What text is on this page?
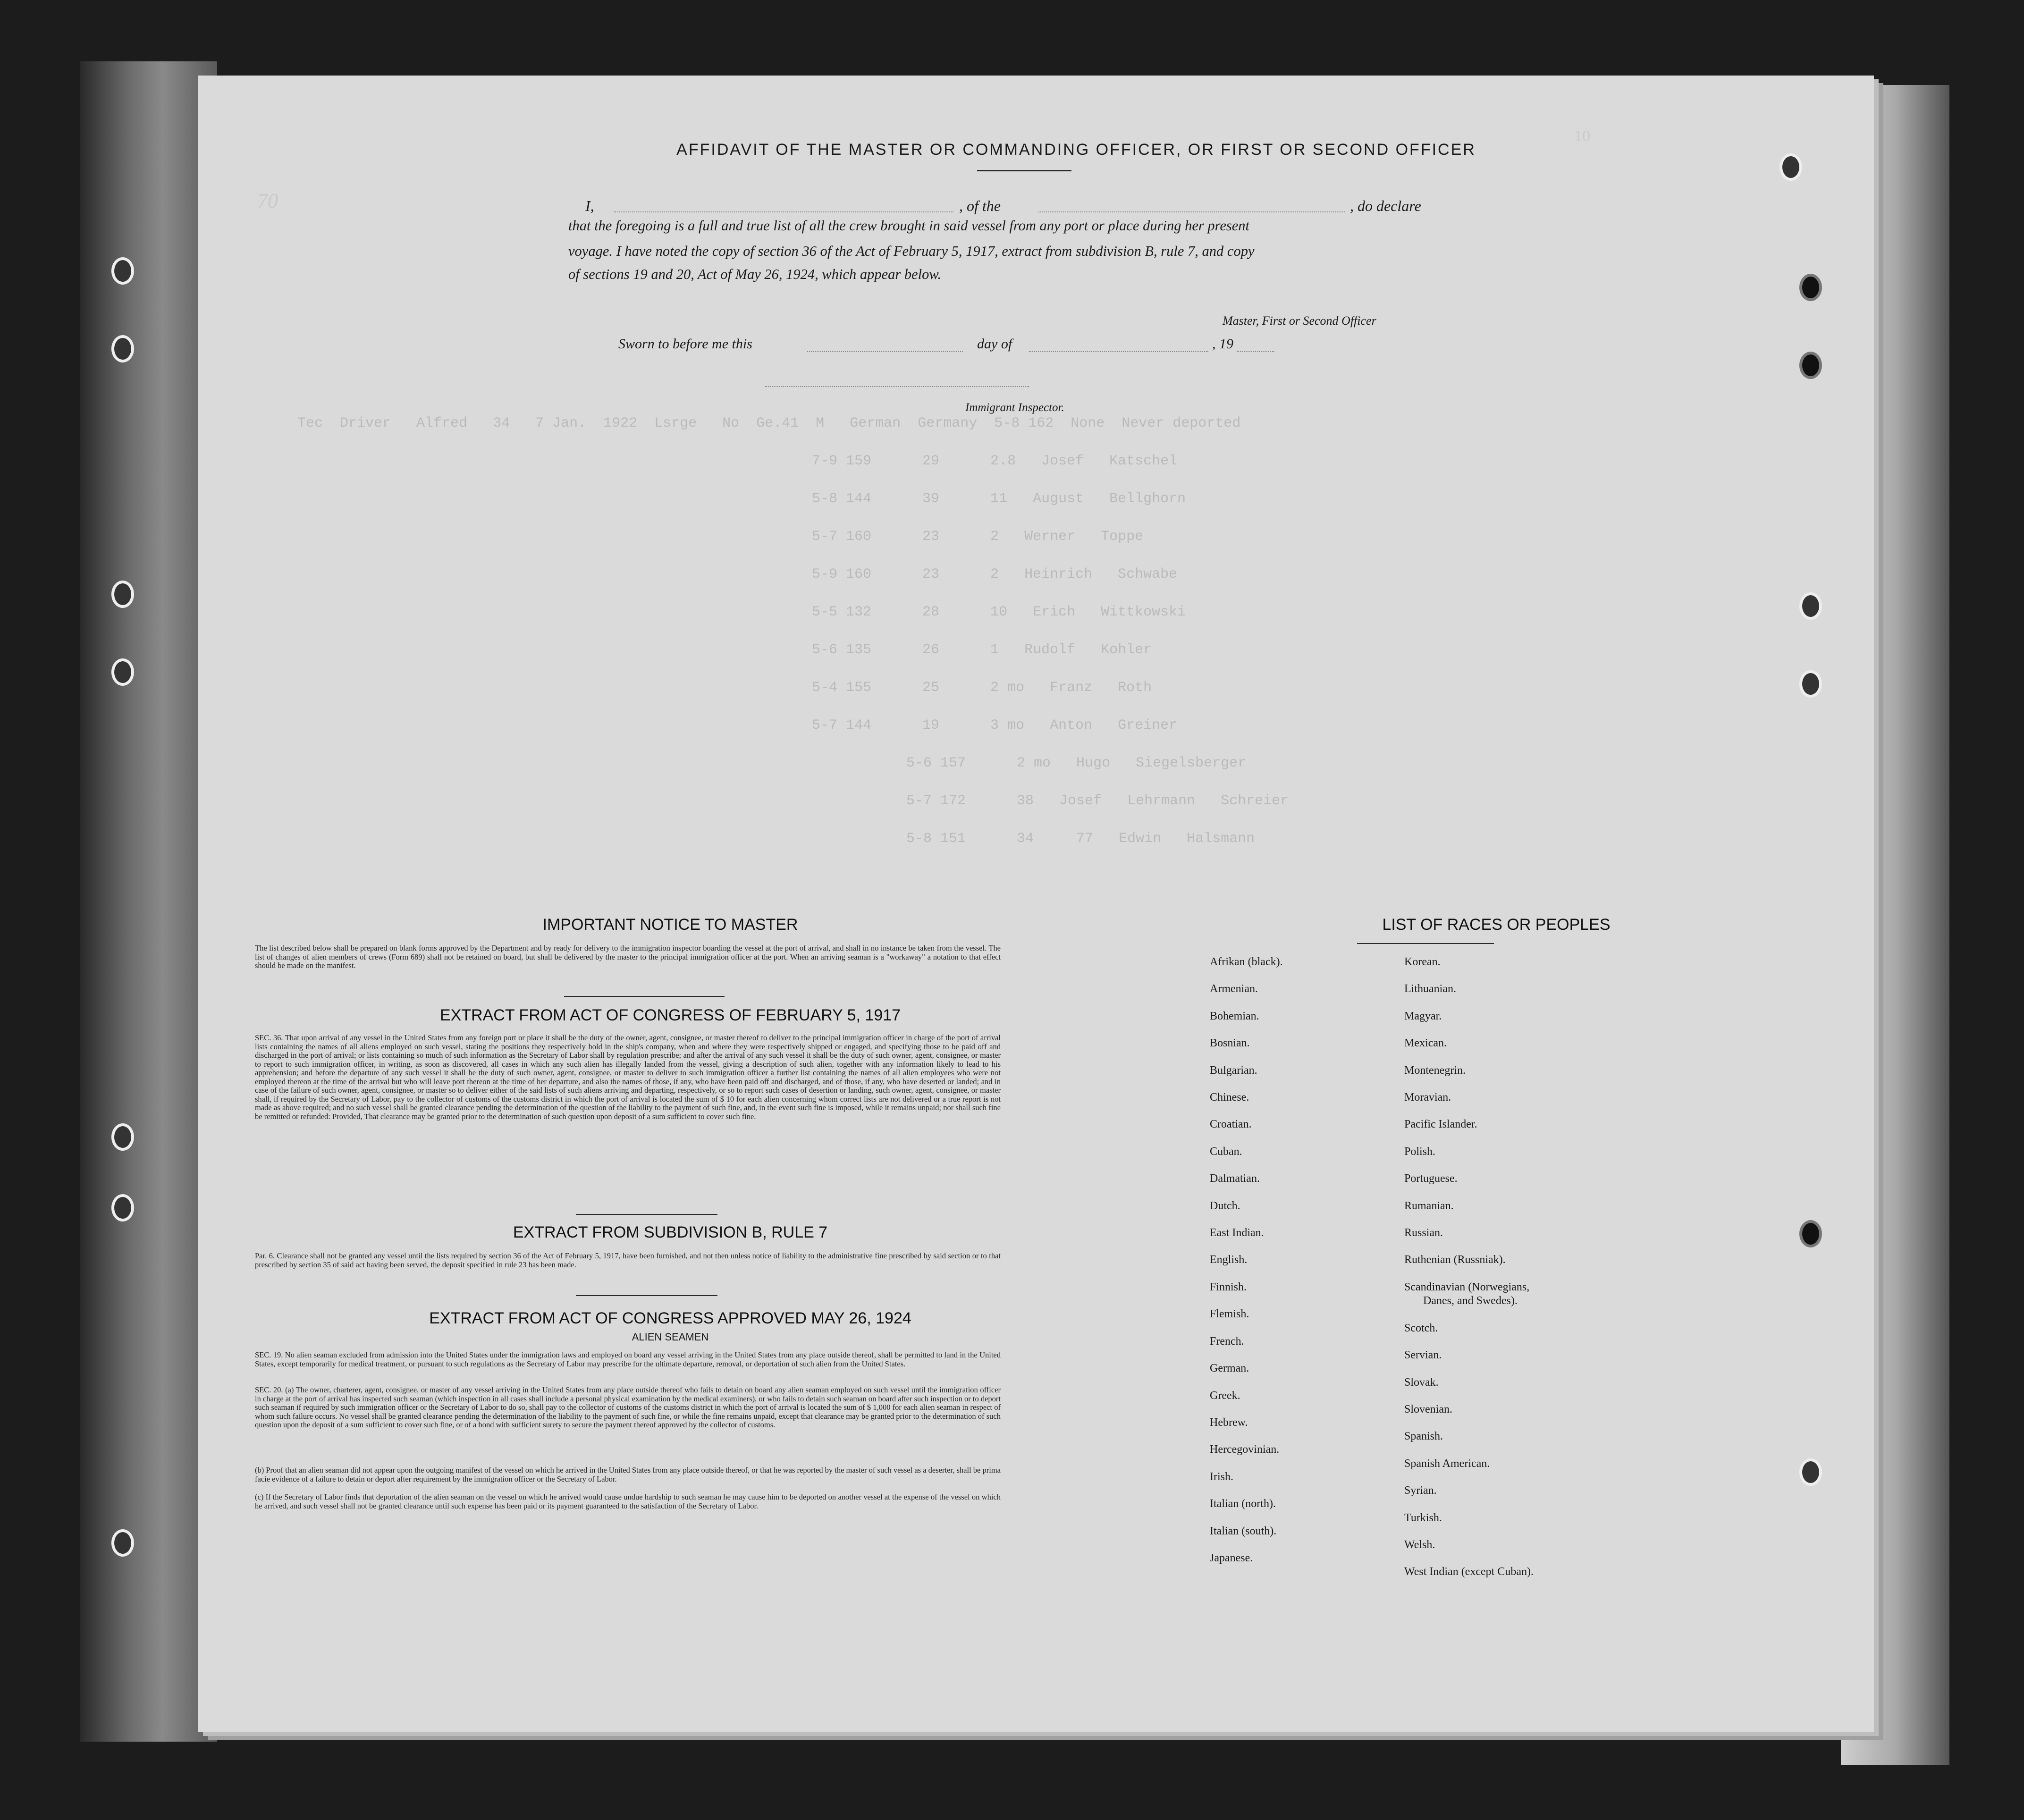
Tec  Driver   Alfred   34   7 Jan.  1922  Lsrge   No  Ge.41  M   German  Germany  5-8 162  None  Never deported
7-9 159      29      2.8   Josef   Katschel
5-8 144      39      11   August   Bellghorn
5-7 160      23      2   Werner   Toppe
5-9 160      23      2   Heinrich   Schwabe
5-5 132      28      10   Erich   Wittkowski
5-6 135      26      1   Rudolf   Kohler
5-4 155      25      2 mo   Franz   Roth
5-7 144      19      3 mo   Anton   Greiner
5-6 157      2 mo   Hugo   Siegelsberger
5-7 172      38   Josef   Lehrmann   Schreier
5-8 151      34     77   Edwin   Halsmann
AFFIDAVIT OF THE MASTER OR COMMANDING OFFICER, OR FIRST OR SECOND OFFICER
I,	, of the	, do declare
that the foregoing is a full and true list of all the crew brought in said vessel from any port or place during her present
voyage. I have noted the copy of section 36 of the Act of February 5, 1917, extract from subdivision B, rule 7, and copy
of sections 19 and 20, Act of May 26, 1924, which appear below.
Master, First or Second Officer
Sworn to before me this	day of	, 19
Immigrant Inspector.
IMPORTANT NOTICE TO MASTER
The list described below shall be prepared on blank forms approved by the Department and by ready for delivery to the immigration inspector boarding the vessel at the port of arrival, and shall in no instance be taken from the vessel. The list of changes of alien members of crews (Form 689) shall not be retained on board, but shall be delivered by the master to the principal immigration officer at the port. When an arriving seaman is a "workaway" a notation to that effect should be made on the manifest.
EXTRACT FROM ACT OF CONGRESS OF FEBRUARY 5, 1917
SEC. 36. That upon arrival of any vessel in the United States from any foreign port or place it shall be the duty of the owner, agent, consignee, or master thereof to deliver to the principal immigration officer in charge of the port of arrival lists containing the names of all aliens employed on such vessel, stating the positions they respectively hold in the ship's company, when and where they were respectively shipped or engaged, and specifying those to be paid off and discharged in the port of arrival; or lists containing so much of such information as the Secretary of Labor shall by regulation prescribe; and after the arrival of any such vessel it shall be the duty of such owner, agent, consignee, or master to report to such immigration officer, in writing, as soon as discovered, all cases in which any such alien has illegally landed from the vessel, giving a description of such alien, together with any information likely to lead to his apprehension; and before the departure of any such vessel it shall be the duty of such owner, agent, consignee, or master to deliver to such immigration officer a further list containing the names of all alien employees who were not employed thereon at the time of the arrival but who will leave port thereon at the time of her departure, and also the names of those, if any, who have been paid off and discharged, and of those, if any, who have deserted or landed; and in case of the failure of such owner, agent, consignee, or master so to deliver either of the said lists of such aliens arriving and departing, respectively, or so to report such cases of desertion or landing, such owner, agent, consignee, or master shall, if required by the Secretary of Labor, pay to the collector of customs of the customs district in which the port of arrival is located the sum of $ 10 for each alien concerning whom correct lists are not delivered or a true report is not made as above required; and no such vessel shall be granted clearance pending the determination of the question of the liability to the payment of such fine, and, in the event such fine is imposed, while it remains unpaid; nor shall such fine be remitted or refunded: Provided, That clearance may be granted prior to the determination of such question upon deposit of a sum sufficient to cover such fine.
EXTRACT FROM SUBDIVISION B, RULE 7
Par. 6. Clearance shall not be granted any vessel until the lists required by section 36 of the Act of February 5, 1917, have been furnished, and not then unless notice of liability to the administrative fine prescribed by said section or to that prescribed by section 35 of said act having been served, the deposit specified in rule 23 has been made.
EXTRACT FROM ACT OF CONGRESS APPROVED MAY 26, 1924
ALIEN SEAMEN
SEC. 19. No alien seaman excluded from admission into the United States under the immigration laws and employed on board any vessel arriving in the United States from any place outside thereof, shall be permitted to land in the United States, except temporarily for medical treatment, or pursuant to such regulations as the Secretary of Labor may prescribe for the ultimate departure, removal, or deportation of such alien from the United States.
SEC. 20. (a) The owner, charterer, agent, consignee, or master of any vessel arriving in the United States from any place outside thereof who fails to detain on board any alien seaman employed on such vessel until the immigration officer in charge at the port of arrival has inspected such seaman (which inspection in all cases shall include a personal physical examination by the medical examiners), or who fails to detain such seaman on board after such inspection or to deport such seaman if required by such immigration officer or the Secretary of Labor to do so, shall pay to the collector of customs of the customs district in which the port of arrival is located the sum of $ 1,000 for each alien seaman in respect of whom such failure occurs. No vessel shall be granted clearance pending the determination of the liability to the payment of such fine, or while the fine remains unpaid, except that clearance may be granted prior to the determination of such question upon the deposit of a sum sufficient to cover such fine, or of a bond with sufficient surety to secure the payment thereof approved by the collector of customs.
(b) Proof that an alien seaman did not appear upon the outgoing manifest of the vessel on which he arrived in the United States from any place outside thereof, or that he was reported by the master of such vessel as a deserter, shall be prima facie evidence of a failure to detain or deport after requirement by the immigration officer or the Secretary of Labor.
(c) If the Secretary of Labor finds that deportation of the alien seaman on the vessel on which he arrived would cause undue hardship to such seaman he may cause him to be deported on another vessel at the expense of the vessel on which he arrived, and such vessel shall not be granted clearance until such expense has been paid or its payment guaranteed to the satisfaction of the Secretary of Labor.
LIST OF RACES OR PEOPLES
Afrikan (black).
Armenian.
Bohemian.
Bosnian.
Bulgarian.
Chinese.
Croatian.
Cuban.
Dalmatian.
Dutch.
East Indian.
English.
Finnish.
Flemish.
French.
German.
Greek.
Hebrew.
Hercegovinian.
Irish.
Italian (north).
Italian (south).
Japanese.
Korean.
Lithuanian.
Magyar.
Mexican.
Montenegrin.
Moravian.
Pacific Islander.
Polish.
Portuguese.
Rumanian.
Russian.
Ruthenian (Russniak).
Scandinavian (Norwegians,
Danes, and Swedes).
Scotch.
Servian.
Slovak.
Slovenian.
Spanish.
Spanish American.
Syrian.
Turkish.
Welsh.
West Indian (except Cuban).
70
10
